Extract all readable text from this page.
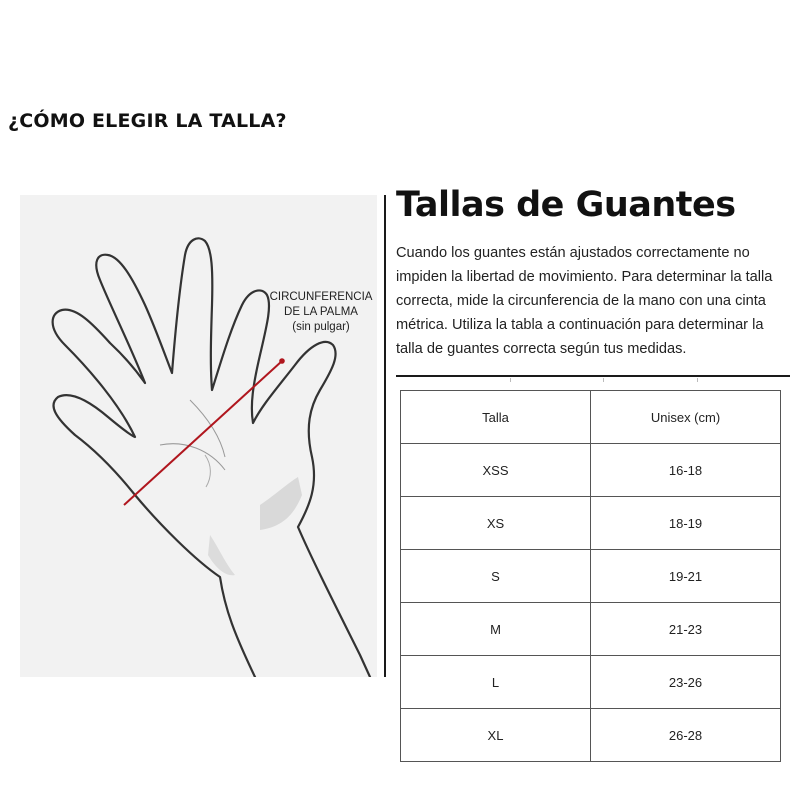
¿CÓMO ELEGIR LA TALLA?
CIRCUNFERENCIA
DE LA PALMA
(sin pulgar)
Tallas de Guantes
Cuando los guantes están ajustados correctamente no impiden la libertad de movimiento. Para determinar la talla correcta, mide la circunferencia de la mano con una cinta métrica. Utiliza la tabla a continuación para determinar la talla de guantes correcta según tus medidas.
Talla	Unisex (cm)
XSS	16-18
XS	18-19
S	19-21
M	21-23
L	23-26
XL	26-28
